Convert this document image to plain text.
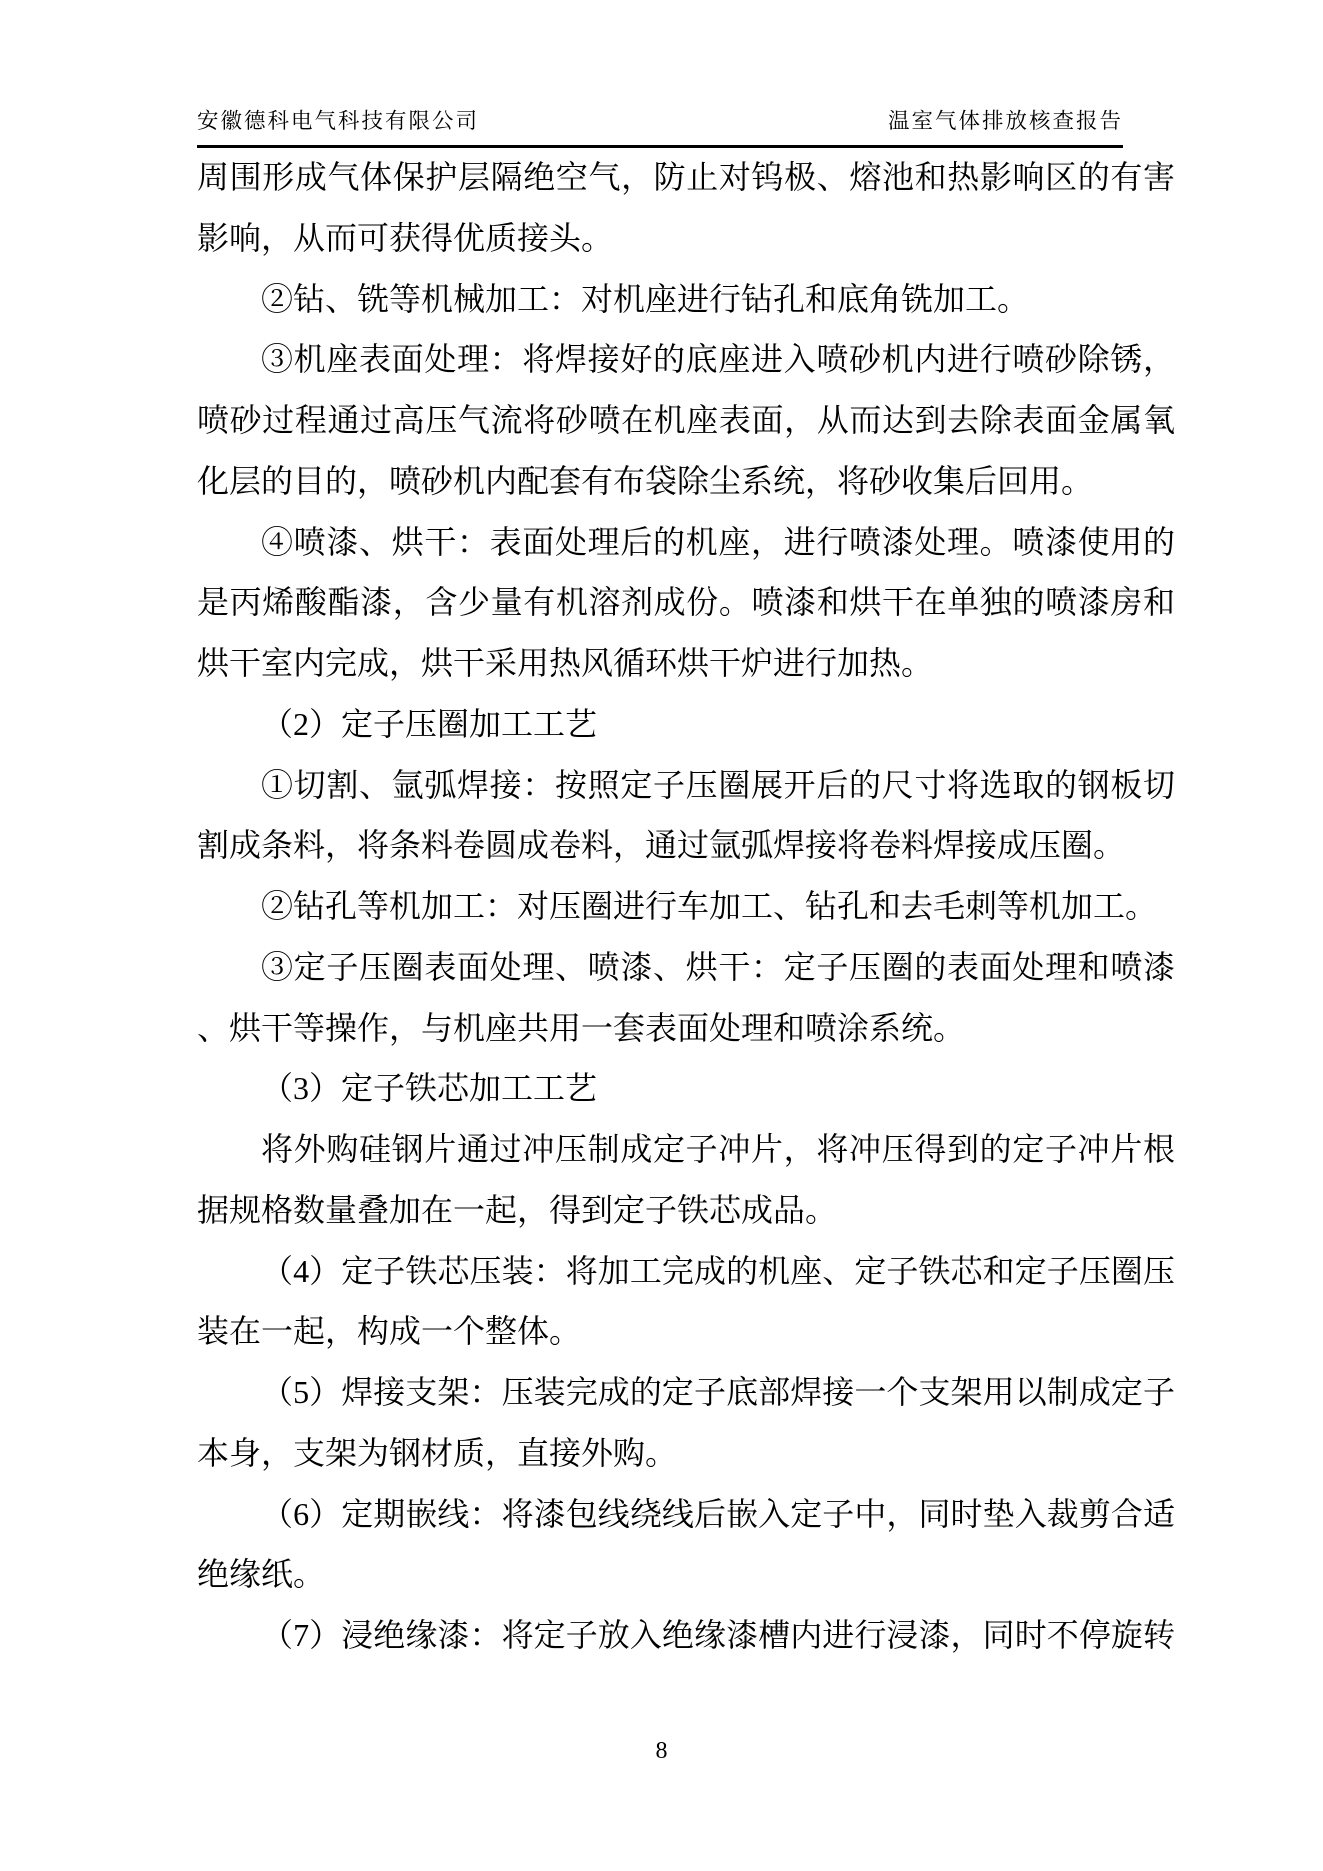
安徽德科电气科技有限公司	温室气体排放核查报告
周围形成气体保护层隔绝空气，防止对钨极、熔池和热影响区的有害
影响，从而可获得优质接头。
②钻、铣等机械加工：对机座进行钻孔和底角铣加工。
③机座表面处理：将焊接好的底座进入喷砂机内进行喷砂除锈，
喷砂过程通过高压气流将砂喷在机座表面，从而达到去除表面金属氧
化层的目的，喷砂机内配套有布袋除尘系统，将砂收集后回用。
④喷漆、烘干：表面处理后的机座，进行喷漆处理。喷漆使用的
是丙烯酸酯漆，含少量有机溶剂成份。喷漆和烘干在单独的喷漆房和
烘干室内完成，烘干采用热风循环烘干炉进行加热。
（2）定子压圈加工工艺
①切割、氩弧焊接：按照定子压圈展开后的尺寸将选取的钢板切
割成条料，将条料卷圆成卷料，通过氩弧焊接将卷料焊接成压圈。
②钻孔等机加工：对压圈进行车加工、钻孔和去毛刺等机加工。
③定子压圈表面处理、喷漆、烘干：定子压圈的表面处理和喷漆
、烘干等操作，与机座共用一套表面处理和喷涂系统。
（3）定子铁芯加工工艺
将外购硅钢片通过冲压制成定子冲片，将冲压得到的定子冲片根
据规格数量叠加在一起，得到定子铁芯成品。
（4）定子铁芯压装：将加工完成的机座、定子铁芯和定子压圈压
装在一起，构成一个整体。
（5）焊接支架：压装完成的定子底部焊接一个支架用以制成定子
本身，支架为钢材质，直接外购。
（6）定期嵌线：将漆包线绕线后嵌入定子中，同时垫入裁剪合适
绝缘纸。
（7）浸绝缘漆：将定子放入绝缘漆槽内进行浸漆，同时不停旋转
8
